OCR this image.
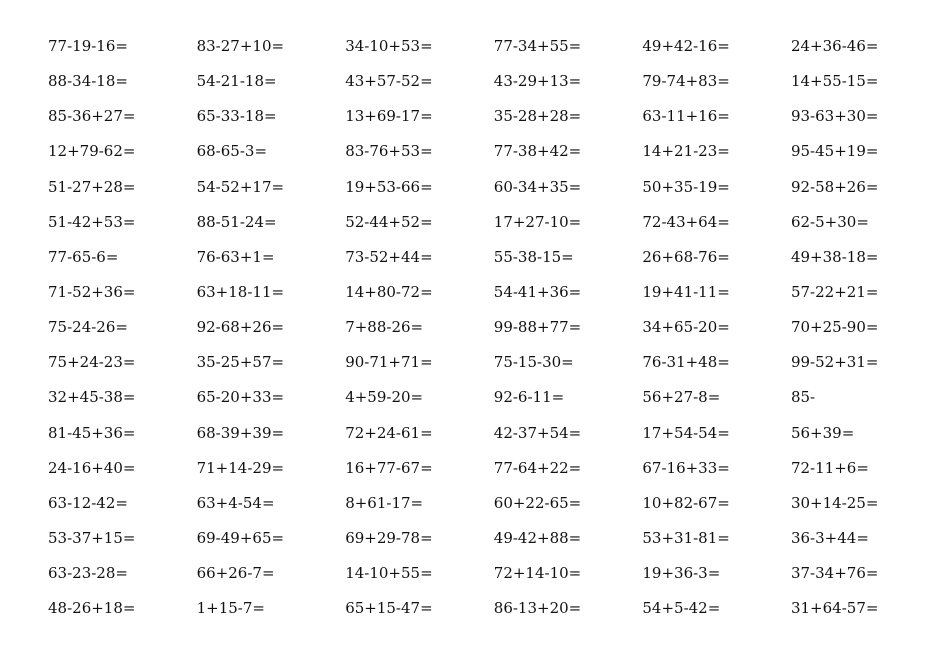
77-19-16=	83-27+10=	34-10+53=	77-34+55=	49+42-16=	24+36-46=
88-34-18=	54-21-18=	43+57-52=	43-29+13=	79-74+83=	14+55-15=
85-36+27=	65-33-18=	13+69-17=	35-28+28=	63-11+16=	93-63+30=
12+79-62=	68-65-3=	83-76+53=	77-38+42=	14+21-23=	95-45+19=
51-27+28=	54-52+17=	19+53-66=	60-34+35=	50+35-19=	92-58+26=
51-42+53=	88-51-24=	52-44+52=	17+27-10=	72-43+64=	62-5+30=
77-65-6=	76-63+1=	73-52+44=	55-38-15=	26+68-76=	49+38-18=
71-52+36=	63+18-11=	14+80-72=	54-41+36=	19+41-11=	57-22+21=
75-24-26=	92-68+26=	7+88-26=	99-88+77=	34+65-20=	70+25-90=
75+24-23=	35-25+57=	90-71+71=	75-15-30=	76-31+48=	99-52+31=
32+45-38=	65-20+33=	4+59-20=	92-6-11=	56+27-8=	85-
81-45+36=	68-39+39=	72+24-61=	42-37+54=	17+54-54=	56+39=
24-16+40=	71+14-29=	16+77-67=	77-64+22=	67-16+33=	72-11+6=
63-12-42=	63+4-54=	8+61-17=	60+22-65=	10+82-67=	30+14-25=
53-37+15=	69-49+65=	69+29-78=	49-42+88=	53+31-81=	36-3+44=
63-23-28=	66+26-7=	14-10+55=	72+14-10=	19+36-3=	37-34+76=
48-26+18=	1+15-7=	65+15-47=	86-13+20=	54+5-42=	31+64-57=
